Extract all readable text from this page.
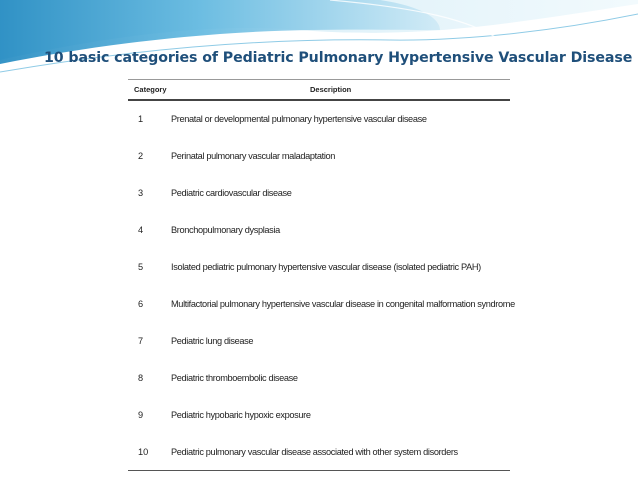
10 basic categories of Pediatric Pulmonary Hypertensive Vascular Disease
Category	Description
1	Prenatal or developmental pulmonary hypertensive vascular disease
2	Perinatal pulmonary vascular maladaptation
3	Pediatric cardiovascular disease
4	Bronchopulmonary dysplasia
5	Isolated pediatric pulmonary hypertensive vascular disease (isolated pediatric PAH)
6	Multifactorial pulmonary hypertensive vascular disease in congenital malformation syndrome
7	Pediatric lung disease
8	Pediatric thromboembolic disease
9	Pediatric hypobaric hypoxic exposure
10 Pediatric pulmonary vascular disease associated with other system disorders
